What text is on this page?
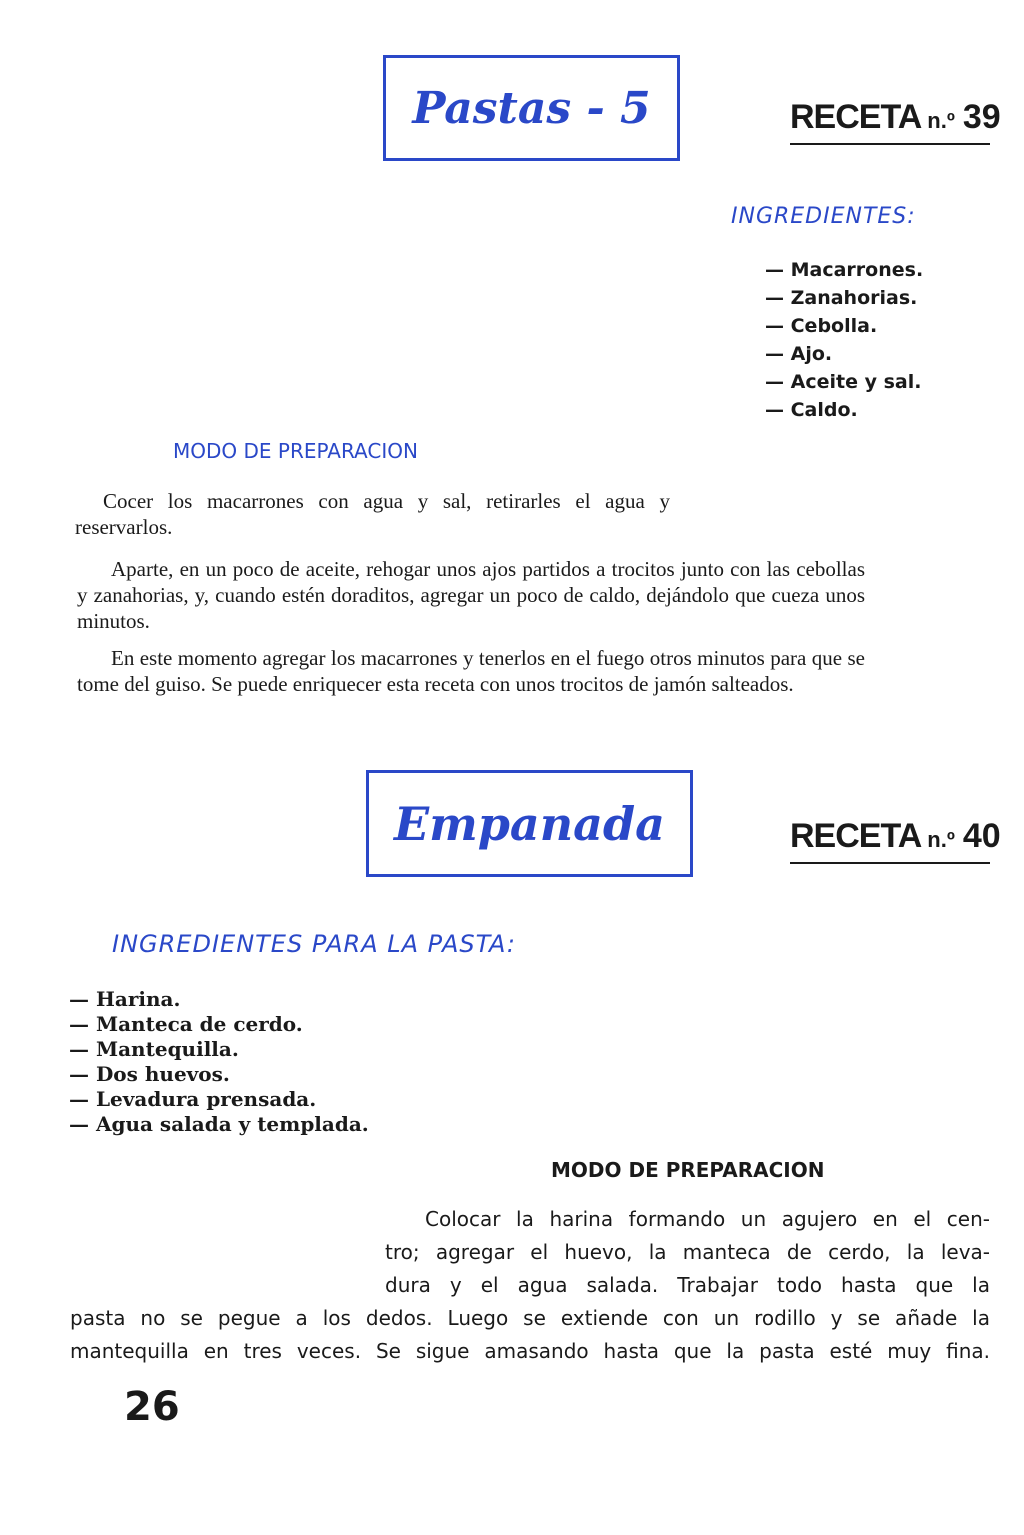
Pastas - 5	RECETA n.º 39
INGREDIENTES:
— Macarrones.
— Zanahorias.
— Cebolla.
— Ajo.
— Aceite y sal.
— Caldo.
MODO DE PREPARACION

Cocer los macarrones con agua y sal, retirarles el agua y reservarlos.

Aparte, en un poco de aceite, rehogar unos ajos partidos a trocitos junto con las cebollas y zanahorias, y, cuando estén doraditos, agregar un poco de caldo, dejándolo que cueza unos minutos.

En este momento agregar los macarrones y tenerlos en el fuego otros minutos para que se tome del guiso. Se puede enriquecer esta receta con unos trocitos de jamón salteados.

Empanada	RECETA n.º 40
INGREDIENTES PARA LA PASTA:
— Harina.
— Manteca de cerdo.
— Mantequilla.
— Dos huevos.
— Levadura prensada.
— Agua salada y templada.
MODO DE PREPARACION
Colocar la harina formando un agujero en el cen-
tro; agregar el huevo, la manteca de cerdo, la leva-
dura y el agua salada. Trabajar todo hasta que la
pasta no se pegue a los dedos. Luego se extiende con un rodillo y se añade la
mantequilla en tres veces. Se sigue amasando hasta que la pasta esté muy fina.
26
